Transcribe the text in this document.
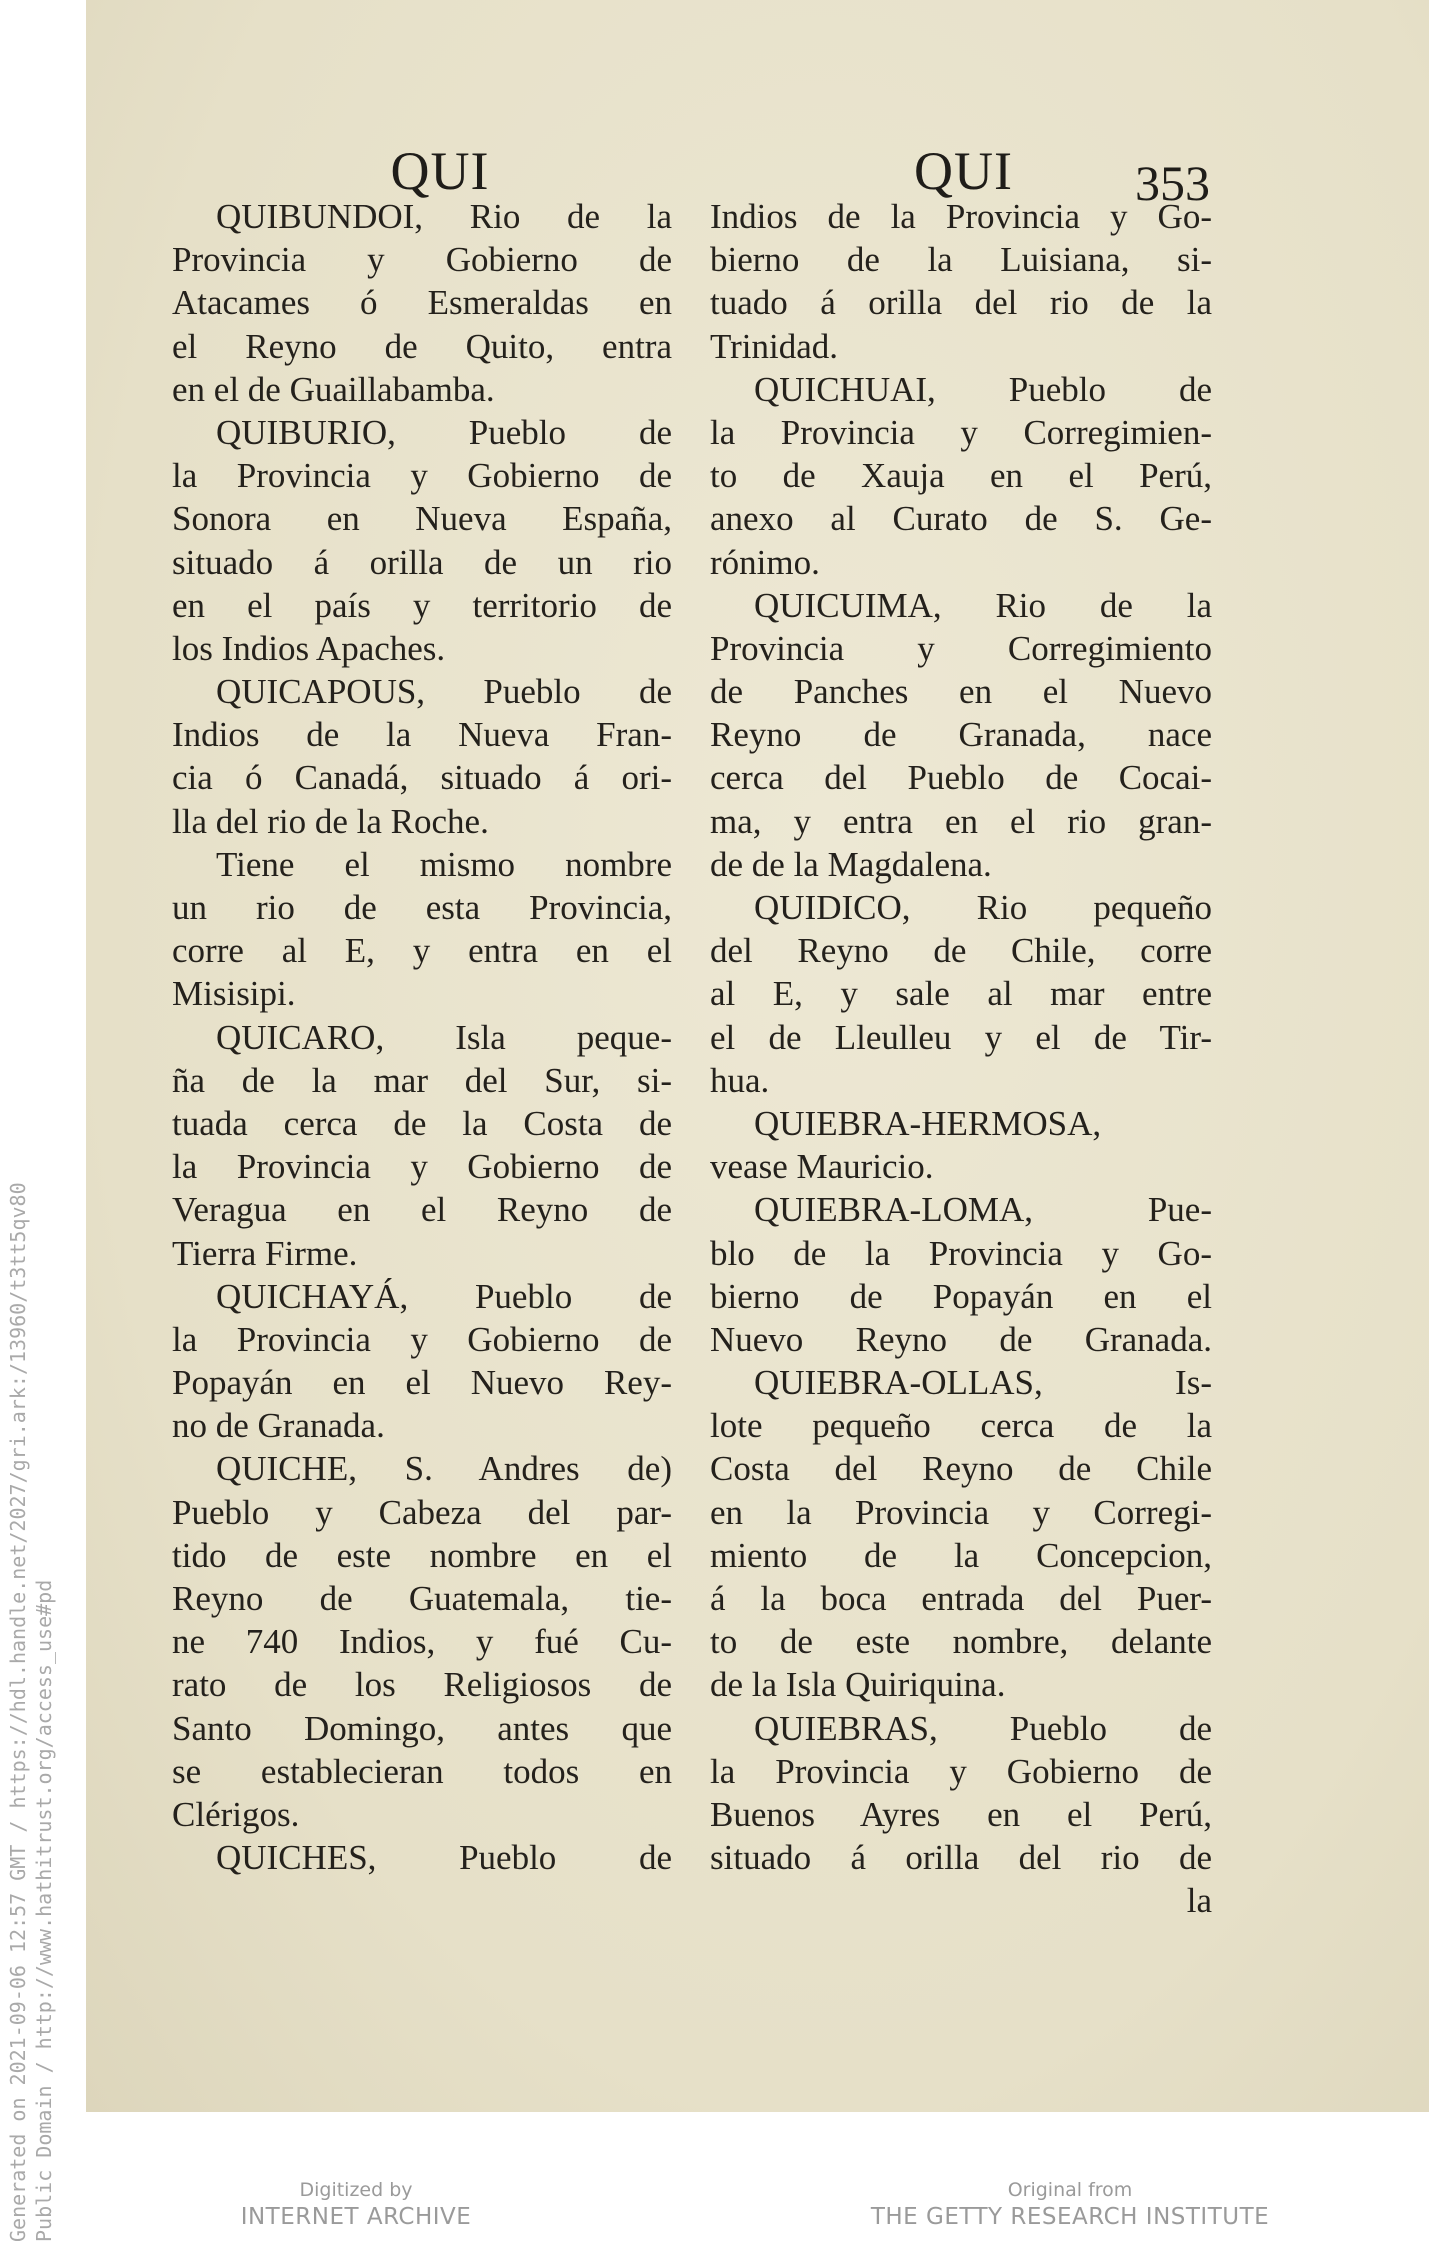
Generated on 2021-09-06 12:57 GMT / https://hdl.handle.net/2027/gri.ark:/13960/t3tt5qv80 Public Domain / http://www.hathitrust.org/access_use#pd
QUI	QUI	353
QUIBUNDOI, Rio de la
Provincia y Gobierno de
Atacames ó Esmeraldas en
el Reyno de Quito, entra
en el de Guaillabamba.
QUIBURIO, Pueblo de
la Provincia y Gobierno de
Sonora en Nueva España,
situado á orilla de un rio
en el país y territorio de
los Indios Apaches.
QUICAPOUS, Pueblo de
Indios de la Nueva Fran-
cia ó Canadá, situado á ori-
lla del rio de la Roche.
Tiene el mismo nombre
un rio de esta Provincia,
corre al E, y entra en el
Misisipi.
QUICARO, Isla peque-
ña de la mar del Sur, si-
tuada cerca de la Costa de
la Provincia y Gobierno de
Veragua en el Reyno de
Tierra Firme.
QUICHAYÁ, Pueblo de
la Provincia y Gobierno de
Popayán en el Nuevo Rey-
no de Granada.
QUICHE, S. Andres de)
Pueblo y Cabeza del par-
tido de este nombre en el
Reyno de Guatemala, tie-
ne 740 Indios, y fué Cu-
rato de los Religiosos de
Santo Domingo, antes que
se establecieran todos en
Clérigos.
QUICHES, Pueblo de
Indios de la Provincia y Go-
bierno de la Luisiana, si-
tuado á orilla del rio de la
Trinidad.
QUICHUAI, Pueblo de
la Provincia y Corregimien-
to de Xauja en el Perú,
anexo al Curato de S. Ge-
rónimo.
QUICUIMA, Rio de la
Provincia y Corregimiento
de Panches en el Nuevo
Reyno de Granada, nace
cerca del Pueblo de Cocai-
ma, y entra en el rio gran-
de de la Magdalena.
QUIDICO, Rio pequeño
del Reyno de Chile, corre
al E, y sale al mar entre
el de Lleulleu y el de Tir-
hua.
QUIEBRA-HERMOSA,
vease Mauricio.
QUIEBRA-LOMA, Pue-
blo de la Provincia y Go-
bierno de Popayán en el
Nuevo Reyno de Granada.
QUIEBRA-OLLAS, Is-
lote pequeño cerca de la
Costa del Reyno de Chile
en la Provincia y Corregi-
miento de la Concepcion,
á la boca entrada del Puer-
to de este nombre, delante
de la Isla Quiriquina.
QUIEBRAS, Pueblo de
la Provincia y Gobierno de
Buenos Ayres en el Perú,
situado á orilla del rio de
la
Digitized by
INTERNET ARCHIVE
Original from
THE GETTY RESEARCH INSTITUTE
